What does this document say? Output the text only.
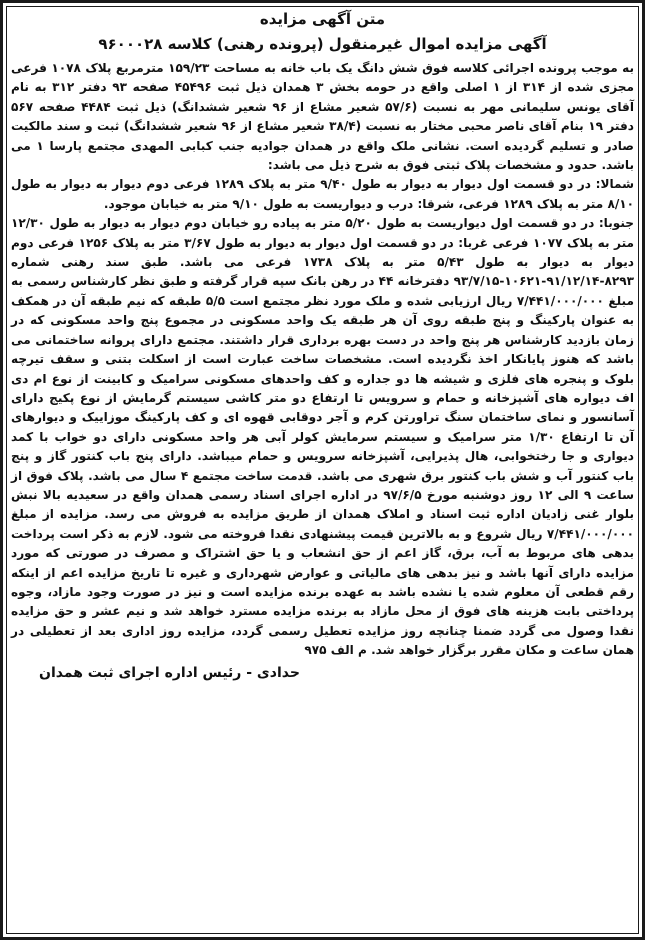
متن آگهی مزایده
آگهی مزایده اموال غیرمنقول (پرونده رهنی) کلاسه ۹۶۰۰۰۲۸

به موجب پرونده اجرائی کلاسه فوق شش دانگ یک باب خانه به مساحت ۱۵۹/۲۳ مترمربع پلاک ۱۰۷۸ فرعی مجزی شده از ۳۱۴ از ۱ اصلی واقع در حومه بخش ۳ همدان ذیل ثبت ۴۵۴۹۶ صفحه ۹۳ دفتر ۳۱۲ به نام آقای یونس سلیمانی مهر به نسبت (۵۷/۶ شعیر مشاع از ۹۶ شعیر ششدانگ) ذیل ثبت ۴۴۸۴ صفحه ۵۶۷ دفتر ۱۹ بنام آقای ناصر محبی مختار به نسبت (۳۸/۴ شعیر مشاع از ۹۶ شعیر ششدانگ) ثبت و سند مالکیت صادر و تسلیم گردیده است. نشانی ملک واقع در همدان جوادیه جنب کبابی المهدی مجتمع پارسا ۱ می باشد. حدود و مشخصات پلاک ثبتی فوق به شرح ذیل می باشد:

شمالا: در دو قسمت اول دیوار به دیوار به طول ۹/۴۰ متر به پلاک ۱۲۸۹ فرعی دوم دیوار به دیوار به طول ۸/۱۰ متر به پلاک ۱۲۸۹ فرعی، شرقا: درب و دیواریست به طول ۹/۱۰ متر به خیابان موجود.

جنوبا: در دو قسمت اول دیواریست به طول ۵/۲۰ متر به پیاده رو خیابان دوم دیوار به دیوار به طول ۱۲/۳۰ متر به پلاک ۱۰۷۷ فرعی غربا: در دو قسمت اول دیوار به دیوار به طول ۳/۶۷ متر به پلاک ۱۲۵۶ فرعی دوم دیوار به دیوار به طول ۵/۴۳ متر به پلاک ۱۷۳۸ فرعی می باشد. طبق سند رهنی شماره ۸۲۹۳-۹۱/۱۲/۱۴-۱۰۶۲۱-۹۳/۷/۱۵ دفترخانه ۴۴ در رهن بانک سپه قرار گرفته و طبق نظر کارشناس رسمی به مبلغ ۷/۴۴۱/۰۰۰/۰۰۰ ریال ارزیابی شده و ملک مورد نظر مجتمع است ۵/۵ طبقه که نیم طبقه آن در همکف به عنوان پارکینگ و پنج طبقه روی آن هر طبقه یک واحد مسکونی در مجموع پنج واحد مسکونی که در زمان بازدید کارشناس هر پنج واحد در دست بهره برداری قرار داشتند. مجتمع دارای پروانه ساختمانی می باشد که هنوز پایانکار اخذ نگردیده است. مشخصات ساخت عبارت است از اسکلت بتنی و سقف تیرچه بلوک و پنجره های فلزی و شیشه ها دو جداره و کف واحدهای مسکونی سرامیک و کابینت از نوع ام دی اف دیواره های آشپزخانه و حمام و سرویس تا ارتفاع دو متر کاشی سیستم گرمایش از نوع پکیج دارای آسانسور و نمای ساختمان سنگ تراورتن کرم و آجر دوقابی قهوه ای و کف پارکینگ موزاییک و دیوارهای آن تا ارتفاع ۱/۳۰ متر سرامیک و سیستم سرمایش کولر آبی هر واحد مسکونی دارای دو خواب با کمد دیواری و جا رختخوابی، هال پذیرایی، آشپزخانه سرویس و حمام میباشد. دارای پنج باب کنتور گاز و پنج باب کنتور آب و شش باب کنتور برق شهری می باشد. قدمت ساخت مجتمع ۴ سال می باشد. پلاک فوق از ساعت ۹ الی ۱۲ روز دوشنبه مورخ ۹۷/۶/۵ در اداره اجرای اسناد رسمی همدان واقع در سعیدیه بالا نبش بلوار غنی زادیان اداره ثبت اسناد و املاک همدان از طریق مزایده به فروش می رسد. مزایده از مبلغ ۷/۴۴۱/۰۰۰/۰۰۰ ریال شروع و به بالاترین قیمت پیشنهادی نقدا فروخته می شود. لازم به ذکر است پرداخت بدهی های مربوط به آب، برق، گاز اعم از حق انشعاب و یا حق اشتراک و مصرف در صورتی که مورد مزایده دارای آنها باشد و نیز بدهی های مالیاتی و عوارض شهرداری و غیره تا تاریخ مزایده اعم از اینکه رقم قطعی آن معلوم شده یا نشده باشد به عهده برنده مزایده است و نیز در صورت وجود مازاد، وجوه پرداختی بابت هزینه های فوق از محل مازاد به برنده مزایده مسترد خواهد شد و نیم عشر و حق مزایده نقدا وصول می گردد ضمنا چنانچه روز مزایده تعطیل رسمی گردد، مزایده روز اداری بعد از تعطیلی در همان ساعت و مکان مقرر برگزار خواهد شد. م الف ۹۷۵

حدادی - رئیس اداره اجرای ثبت همدان
